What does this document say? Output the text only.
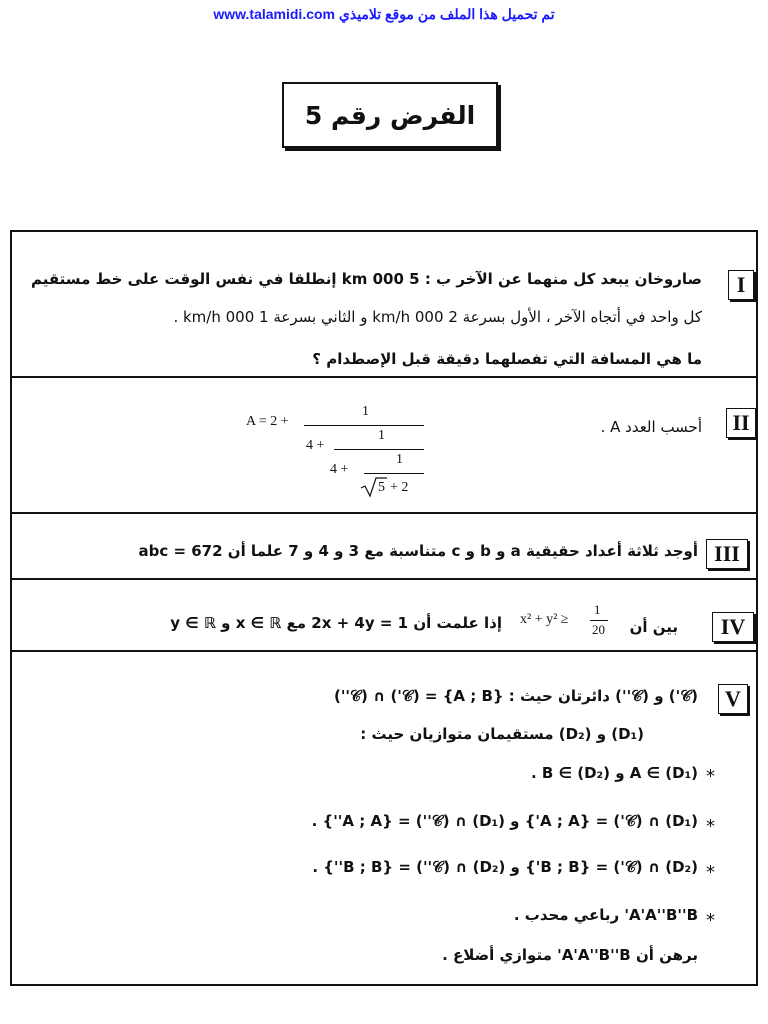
www.talamidi.com تم تحميل هذا الملف من موقع تلاميذي
الفرض رقم 5
I
صاروخان يبعد كل منهما عن الآخر ب : 5 000 km إنطلقا في نفس الوقت على خط مستقيم
كل واحد في أتجاه الآخر ، الأول بسرعة 2 000 km/h و الثاني بسرعة 1 000 km/h .
ما هي المسافة التي تفصلهما دقيقة قبل الإصطدام ؟
II
أحسب العدد A .
A = 2 +
1
4 +
1
4 +
1
5 + 2
III
أوجد ثلاثة أعداد حقيقية a و b و c متناسبة مع 3 و 4 و 7 علما أن abc = 672
IV
بين أن
1
20
x² + y² ≥
إذا علمت أن 2x + 4y = 1 مع x ∈ ℝ و y ∈ ℝ
V
(𝒞') و (𝒞'') دائرتان حيث : {A ; B} = (𝒞') ∩ (𝒞'')
(D₁) و (D₂) مستقيمان متوازيان حيث :
*
A ∈ (D₁) و B ∈ (D₂) .
*
(D₁) ∩ (𝒞') = {A ; A'} و (D₁) ∩ (𝒞'') = {A ; A''} .
*
(D₂) ∩ (𝒞') = {B ; B'} و (D₂) ∩ (𝒞'') = {B ; B''} .
*
A'A''B''B' رباعي محدب .
برهن أن A'A''B''B' متوازي أضلاع .
